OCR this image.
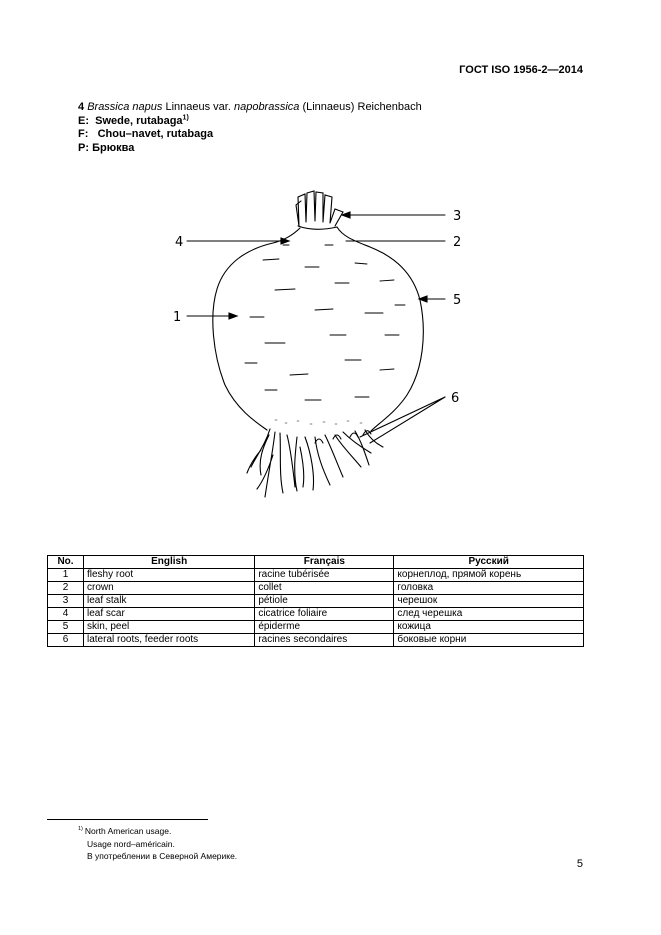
ГОСТ ISO 1956-2—2014
4 Brassica napus Linnaeus var. napobrassica (Linnaeus) Reichenbach
E: Swede, rutabaga$^{1)}$
F: Chou–navet, rutabaga
P: Брюква
4	2
3
5
1
6
No.	English	Français	Русский
1	fleshy root	racine tubérisée	корнеплод, прямой корень
2	crown	collet	головка
3	leaf stalk	pétiole	черешок
4	leaf scar	cicatrice foliaire	след черешка
5	skin, peel	épiderme	кожица
6	lateral roots, feeder roots	racines secondaires	боковые корни
$^{1)}$ North American usage.
Usage nord–américain.
В употреблении в Северной Америке.
5
